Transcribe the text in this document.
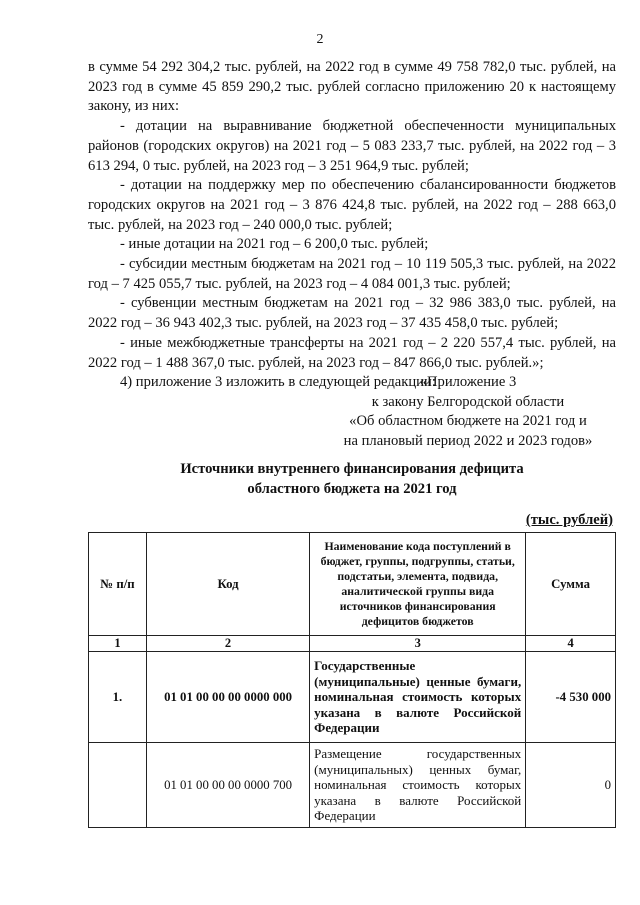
2

в сумме 54 292 304,2 тыс. рублей, на 2022 год в сумме 49 758 782,0 тыс. рублей, на 2023 год в сумме 45 859 290,2 тыс. рублей согласно приложению 20 к настоящему закону, из них:

- дотации на выравнивание бюджетной обеспеченности муниципальных районов (городских округов) на 2021 год – 5 083 233,7 тыс. рублей, на 2022 год – 3 613 294, 0 тыс. рублей, на 2023 год – 3 251 964,9 тыс. рублей;

- дотации на поддержку мер по обеспечению сбалансированности бюджетов городских округов на 2021 год – 3 876 424,8 тыс. рублей, на 2022 год – 288 663,0 тыс. рублей, на 2023 год – 240 000,0 тыс. рублей;

- иные дотации на 2021 год – 6 200,0 тыс. рублей;

- субсидии местным бюджетам на 2021 год – 10 119 505,3 тыс. рублей, на 2022 год – 7 425 055,7 тыс. рублей, на 2023 год – 4 084 001,3 тыс. рублей;

- субвенции местным бюджетам на 2021 год – 32 986 383,0 тыс. рублей, на 2022 год – 36 943 402,3 тыс. рублей, на 2023 год – 37 435 458,0 тыс. рублей;

- иные межбюджетные трансферты на 2021 год – 2 220 557,4 тыс. рублей, на 2022 год – 1 488 367,0 тыс. рублей, на 2023 год – 847 866,0 тыс. рублей.»;

4) приложение 3 изложить в следующей редакции:

«Приложение 3
к закону Белгородской области
«Об областном бюджете на 2021 год и
на плановый период 2022 и 2023 годов»
Источники внутреннего финансирования дефицита
областного бюджета на 2021 год
(тыс. рублей)
№ п/п	Код	Наименование кода поступлений в бюджет, группы, подгруппы, статьи, подстатьи, элемента, подвида, аналитической группы вида источников финансирования дефицитов бюджетов	Сумма
1	2	3	4
1.	01 01 00 00 00 0000 000	Государственные (муниципальные) ценные бумаги, номинальная стоимость которых указана в валюте Российской Федерации	-4 530 000
	01 01 00 00 00 0000 700	Размещение государственных (муниципальных) ценных бумаг, номинальная стоимость которых указана в валюте Российской Федерации	0
